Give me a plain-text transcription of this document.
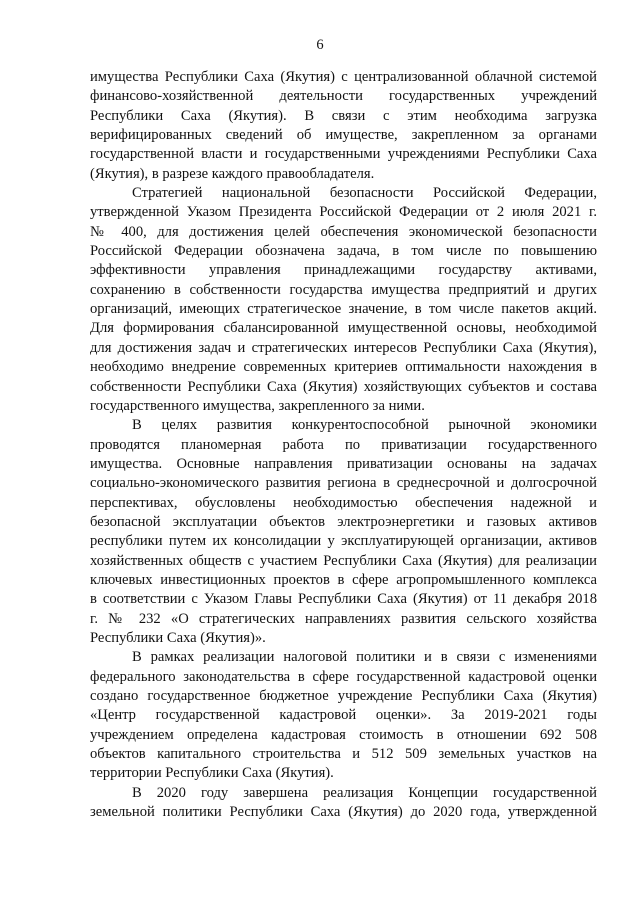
6

имущества Республики Саха (Якутия) с централизованной облачной системой
финансово-хозяйственной деятельности государственных учреждений
Республики Саха (Якутия). В связи с этим необходима загрузка
верифицированных сведений об имуществе, закрепленном за органами
государственной власти и государственными учреждениями Республики Саха
(Якутия), в разрезе каждого правообладателя.

Стратегией национальной безопасности Российской Федерации,
утвержденной Указом Президента Российской Федерации от 2 июля 2021 г.
№ 400, для достижения целей обеспечения экономической безопасности
Российской Федерации обозначена задача, в том числе по повышению
эффективности управления принадлежащими государству активами,
сохранению в собственности государства имущества предприятий и других
организаций, имеющих стратегическое значение, в том числе пакетов акций.
Для формирования сбалансированной имущественной основы, необходимой
для достижения задач и стратегических интересов Республики Саха (Якутия),
необходимо внедрение современных критериев оптимальности нахождения в
собственности Республики Саха (Якутия) хозяйствующих субъектов и состава
государственного имущества, закрепленного за ними.

В целях развития конкурентоспособной рыночной экономики
проводятся планомерная работа по приватизации государственного
имущества. Основные направления приватизации основаны на задачах
социально-экономического развития региона в среднесрочной и долгосрочной
перспективах, обусловлены необходимостью обеспечения надежной и
безопасной эксплуатации объектов электроэнергетики и газовых активов
республики путем их консолидации у эксплуатирующей организации, активов
хозяйственных обществ с участием Республики Саха (Якутия) для реализации
ключевых инвестиционных проектов в сфере агропромышленного комплекса
в соответствии с Указом Главы Республики Саха (Якутия) от 11 декабря 2018
г. № 232 «О стратегических направлениях развития сельского хозяйства
Республики Саха (Якутия)».

В рамках реализации налоговой политики и в связи с изменениями
федерального законодательства в сфере государственной кадастровой оценки
создано государственное бюджетное учреждение Республики Саха (Якутия)
«Центр государственной кадастровой оценки». За 2019-2021 годы
учреждением определена кадастровая стоимость в отношении 692 508
объектов капитального строительства и 512 509 земельных участков на
территории Республики Саха (Якутия).

В 2020 году завершена реализация Концепции государственной
земельной политики Республики Саха (Якутия) до 2020 года, утвержденной
